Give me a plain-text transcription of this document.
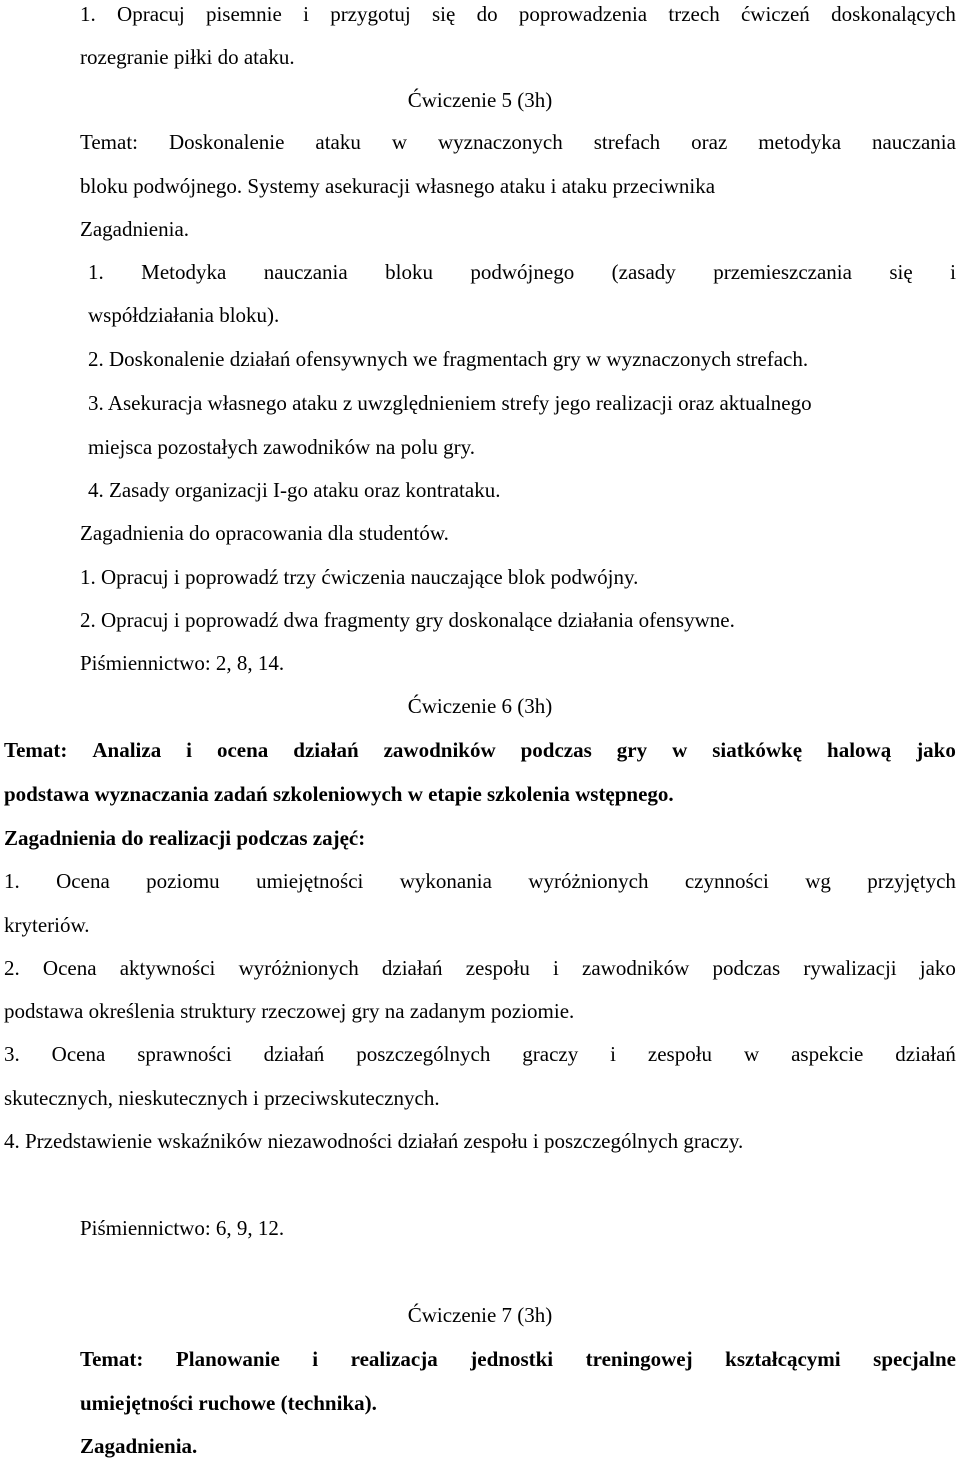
1. Opracuj pisemnie i przygotuj się do poprowadzenia trzech ćwiczeń doskonalących
rozegranie piłki do ataku.
Ćwiczenie 5 (3h)
Temat: Doskonalenie ataku w wyznaczonych strefach oraz metodyka nauczania
bloku podwójnego. Systemy asekuracji własnego ataku i ataku przeciwnika
Zagadnienia.
1. Metodyka nauczania bloku podwójnego (zasady przemieszczania się i
współdziałania bloku).
2. Doskonalenie działań ofensywnych we fragmentach gry w wyznaczonych strefach.
3. Asekuracja własnego ataku z uwzględnieniem strefy jego realizacji oraz aktualnego
miejsca pozostałych zawodników na polu gry.
4. Zasady organizacji I-go ataku oraz kontrataku.
Zagadnienia do opracowania dla studentów.
1. Opracuj i poprowadź trzy ćwiczenia nauczające blok podwójny.
2. Opracuj i poprowadź dwa fragmenty gry doskonalące działania ofensywne.
Piśmiennictwo: 2, 8, 14.
Ćwiczenie 6 (3h)
Temat: Analiza i ocena działań zawodników podczas gry w siatkówkę halową jako
podstawa wyznaczania zadań szkoleniowych w etapie szkolenia wstępnego.
Zagadnienia do realizacji podczas zajęć:
1. Ocena poziomu umiejętności wykonania wyróżnionych czynności wg przyjętych
kryteriów.
2. Ocena aktywności wyróżnionych działań zespołu i zawodników podczas rywalizacji jako
podstawa określenia struktury rzeczowej gry na zadanym poziomie.
3. Ocena sprawności działań poszczególnych graczy i zespołu w aspekcie działań
skutecznych, nieskutecznych i przeciwskutecznych.
4. Przedstawienie wskaźników niezawodności działań zespołu i poszczególnych graczy.
Piśmiennictwo: 6, 9, 12.
Ćwiczenie 7 (3h)
Temat: Planowanie i realizacja jednostki treningowej kształcącymi specjalne
umiejętności ruchowe (technika).
Zagadnienia.
